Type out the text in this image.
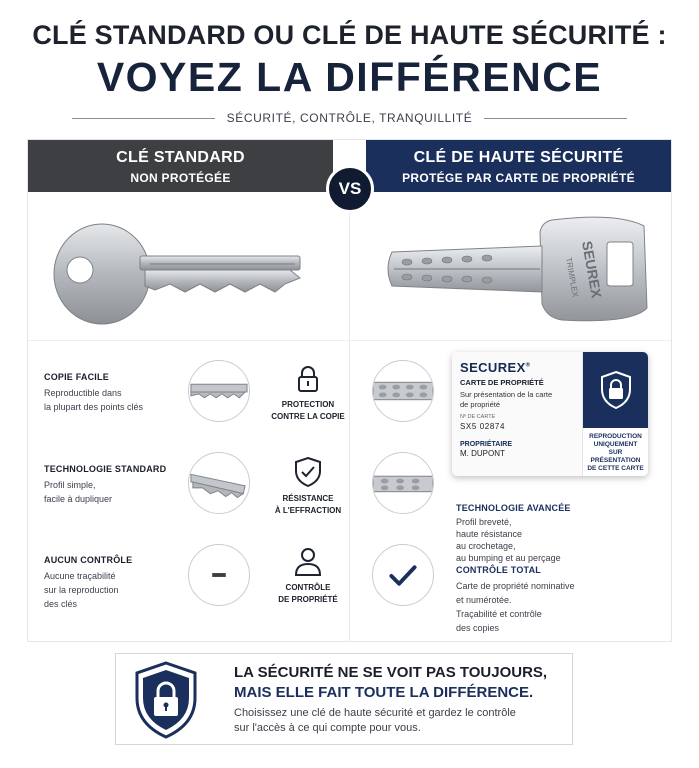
CLÉ STANDARD OU CLÉ DE HAUTE SÉCURITÉ :
VOYEZ LA DIFFÉRENCE
SÉCURITÉ, CONTRÔLE, TRANQUILLITÉ
CLÉ STANDARD
NON PROTÉGÉE
CLÉ DE HAUTE SÉCURITÉ
PROTÉGE PAR CARTE DE PROPRIÉTÉ
VS
SEUREX
TRIMPLEX
COPIE FACILE
Reproductible dans
la plupart des points clés
TECHNOLOGIE STANDARD
Profil simple,
facile à dupliquer
AUCUN CONTRÔLE
Aucune traçabilité
sur la reproduction
des clés
PROTECTION
CONTRE LA COPIE
RÉSISTANCE
À L'EFFRACTION
CONTRÔLE
DE PROPRIÉTÉ
TECHNOLOGIE AVANCÉE
Profil breveté,
haute résistance
au crochetage,
au bumping et au perçage
CONTRÔLE TOTAL
Carte de propriété nominative
et numérotée.
Traçabilité et contrôle
des copies
SECUREX®
CARTE DE PROPRIÉTÉ
Sur présentation de la carte
de propriété
Nº DE CARTE
SX5 02874
PROPRIÉTAIRE
M. DUPONT
REPRODUCTION
UNIQUEMENT SUR
PRÉSENTATION
DE CETTE CARTE
LA SÉCURITÉ NE SE VOIT PAS TOUJOURS,
MAIS ELLE FAIT TOUTE LA DIFFÉRENCE.
Choisissez une clé de haute sécurité et gardez le contrôle
sur l'accès à ce qui compte pour vous.
